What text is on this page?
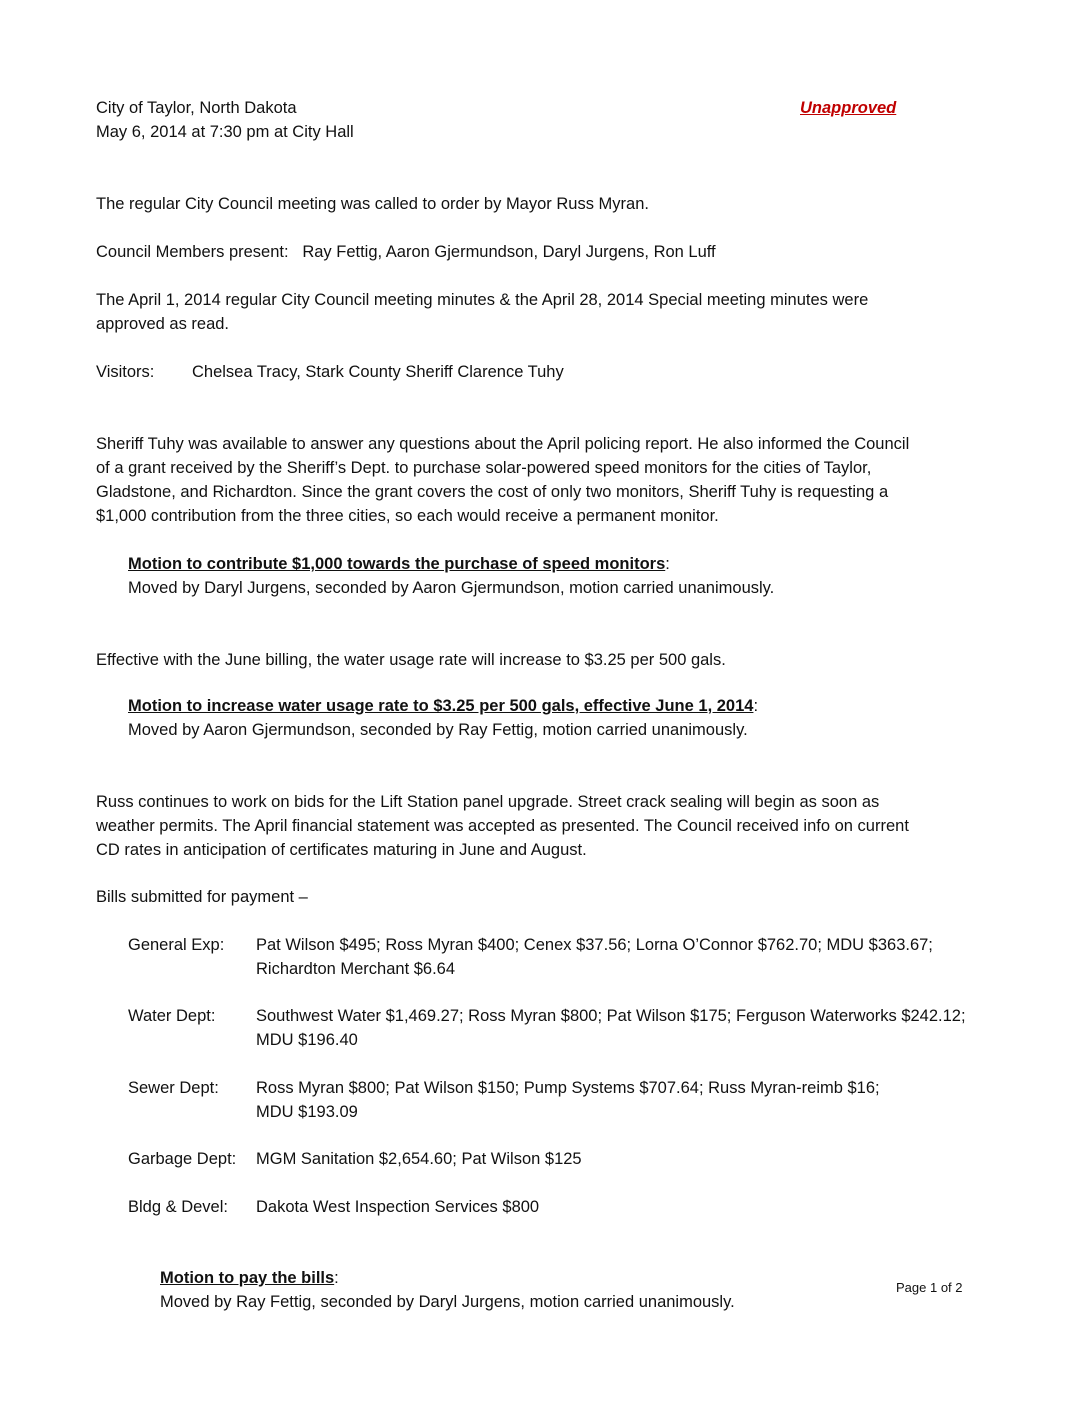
City of Taylor, North Dakota
May 6, 2014 at 7:30 pm at City Hall
Unapproved
The regular City Council meeting was called to order by Mayor Russ Myran.
Council Members present:   Ray Fettig, Aaron Gjermundson, Daryl Jurgens, Ron Luff
The April 1, 2014 regular City Council meeting minutes & the April 28, 2014 Special meeting minutes were
approved as read.
Visitors: Chelsea Tracy, Stark County Sheriff Clarence Tuhy
Sheriff Tuhy was available to answer any questions about the April policing report. He also informed the Council
of a grant received by the Sheriff’s Dept. to purchase solar-powered speed monitors for the cities of Taylor,
Gladstone, and Richardton. Since the grant covers the cost of only two monitors, Sheriff Tuhy is requesting a
$1,000 contribution from the three cities, so each would receive a permanent monitor.
Motion to contribute $1,000 towards the purchase of speed monitors:
Moved by Daryl Jurgens, seconded by Aaron Gjermundson, motion carried unanimously.
Effective with the June billing, the water usage rate will increase to $3.25 per 500 gals.
Motion to increase water usage rate to $3.25 per 500 gals, effective June 1, 2014:
Moved by Aaron Gjermundson, seconded by Ray Fettig, motion carried unanimously.
Russ continues to work on bids for the Lift Station panel upgrade. Street crack sealing will begin as soon as
weather permits. The April financial statement was accepted as presented. The Council received info on current
CD rates in anticipation of certificates maturing in June and August.
Bills submitted for payment –
General Exp:	Pat Wilson $495; Ross Myran $400; Cenex $37.56; Lorna O’Connor $762.70; MDU $363.67;
Richardton Merchant $6.64
Water Dept:	Southwest Water $1,469.27; Ross Myran $800; Pat Wilson $175; Ferguson Waterworks $242.12;
MDU $196.40
Sewer Dept:	Ross Myran $800; Pat Wilson $150; Pump Systems $707.64; Russ Myran-reimb $16;
MDU $193.09
Garbage Dept:	MGM Sanitation $2,654.60; Pat Wilson $125
Bldg & Devel:	Dakota West Inspection Services $800
Motion to pay the bills:
Moved by Ray Fettig, seconded by Daryl Jurgens, motion carried unanimously.
Page 1 of 2
